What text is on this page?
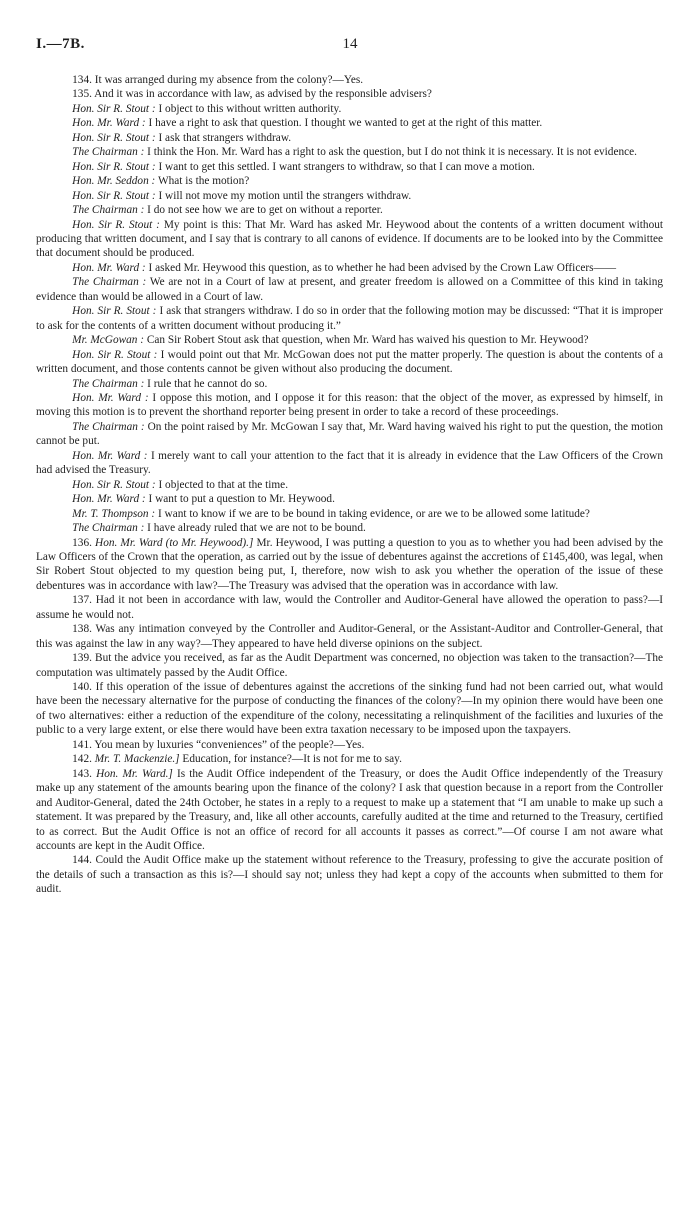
I.—7B.	14

134. It was arranged during my absence from the colony?—Yes.

135. And it was in accordance with law, as advised by the responsible advisers?

Hon. Sir R. Stout : I object to this without written authority.

Hon. Mr. Ward : I have a right to ask that question. I thought we wanted to get at the right of this matter.

Hon. Sir R. Stout : I ask that strangers withdraw.

The Chairman : I think the Hon. Mr. Ward has a right to ask the question, but I do not think it is necessary. It is not evidence.

Hon. Sir R. Stout : I want to get this settled. I want strangers to withdraw, so that I can move a motion.

Hon. Mr. Seddon : What is the motion?

Hon. Sir R. Stout : I will not move my motion until the strangers withdraw.

The Chairman : I do not see how we are to get on without a reporter.

Hon. Sir R. Stout : My point is this: That Mr. Ward has asked Mr. Heywood about the contents of a written document without producing that written document, and I say that is contrary to all canons of evidence. If documents are to be looked into by the Committee that document should be produced.

Hon. Mr. Ward : I asked Mr. Heywood this question, as to whether he had been advised by the Crown Law Officers——

The Chairman : We are not in a Court of law at present, and greater freedom is allowed on a Committee of this kind in taking evidence than would be allowed in a Court of law.

Hon. Sir R. Stout : I ask that strangers withdraw. I do so in order that the following motion may be discussed: “That it is improper to ask for the contents of a written document without producing it.”

Mr. McGowan : Can Sir Robert Stout ask that question, when Mr. Ward has waived his question to Mr. Heywood?

Hon. Sir R. Stout : I would point out that Mr. McGowan does not put the matter properly. The question is about the contents of a written document, and those contents cannot be given without also producing the document.

The Chairman : I rule that he cannot do so.

Hon. Mr. Ward : I oppose this motion, and I oppose it for this reason: that the object of the mover, as expressed by himself, in moving this motion is to prevent the shorthand reporter being present in order to take a record of these proceedings.

The Chairman : On the point raised by Mr. McGowan I say that, Mr. Ward having waived his right to put the question, the motion cannot be put.

Hon. Mr. Ward : I merely want to call your attention to the fact that it is already in evidence that the Law Officers of the Crown had advised the Treasury.

Hon. Sir R. Stout : I objected to that at the time.

Hon. Mr. Ward : I want to put a question to Mr. Heywood.

Mr. T. Thompson : I want to know if we are to be bound in taking evidence, or are we to be allowed some latitude?

The Chairman : I have already ruled that we are not to be bound.

136. Hon. Mr. Ward (to Mr. Heywood).] Mr. Heywood, I was putting a question to you as to whether you had been advised by the Law Officers of the Crown that the operation, as carried out by the issue of debentures against the accretions of £145,400, was legal, when Sir Robert Stout objected to my question being put, I, therefore, now wish to ask you whether the operation of the issue of these debentures was in accordance with law?—The Treasury was advised that the operation was in accordance with law.

137. Had it not been in accordance with law, would the Controller and Auditor-General have allowed the operation to pass?—I assume he would not.

138. Was any intimation conveyed by the Controller and Auditor-General, or the Assistant-Auditor and Controller-General, that this was against the law in any way?—They appeared to have held diverse opinions on the subject.

139. But the advice you received, as far as the Audit Department was concerned, no objection was taken to the transaction?—The computation was ultimately passed by the Audit Office.

140. If this operation of the issue of debentures against the accretions of the sinking fund had not been carried out, what would have been the necessary alternative for the purpose of conducting the finances of the colony?—In my opinion there would have been one of two alternatives: either a reduction of the expenditure of the colony, necessitating a relinquishment of the facilities and luxuries of the public to a very large extent, or else there would have been extra taxation necessary to be imposed upon the taxpayers.

141. You mean by luxuries “conveniences” of the people?—Yes.

142. Mr. T. Mackenzie.] Education, for instance?—It is not for me to say.

143. Hon. Mr. Ward.] Is the Audit Office independent of the Treasury, or does the Audit Office independently of the Treasury make up any statement of the amounts bearing upon the finance of the colony? I ask that question because in a report from the Controller and Auditor-General, dated the 24th October, he states in a reply to a request to make up a statement that “I am unable to make up such a statement. It was prepared by the Treasury, and, like all other accounts, carefully audited at the time and returned to the Treasury, certified to as correct. But the Audit Office is not an office of record for all accounts it passes as correct.”—Of course I am not aware what accounts are kept in the Audit Office.

144. Could the Audit Office make up the statement without reference to the Treasury, professing to give the accurate position of the details of such a transaction as this is?—I should say not; unless they had kept a copy of the accounts when submitted to them for audit.
